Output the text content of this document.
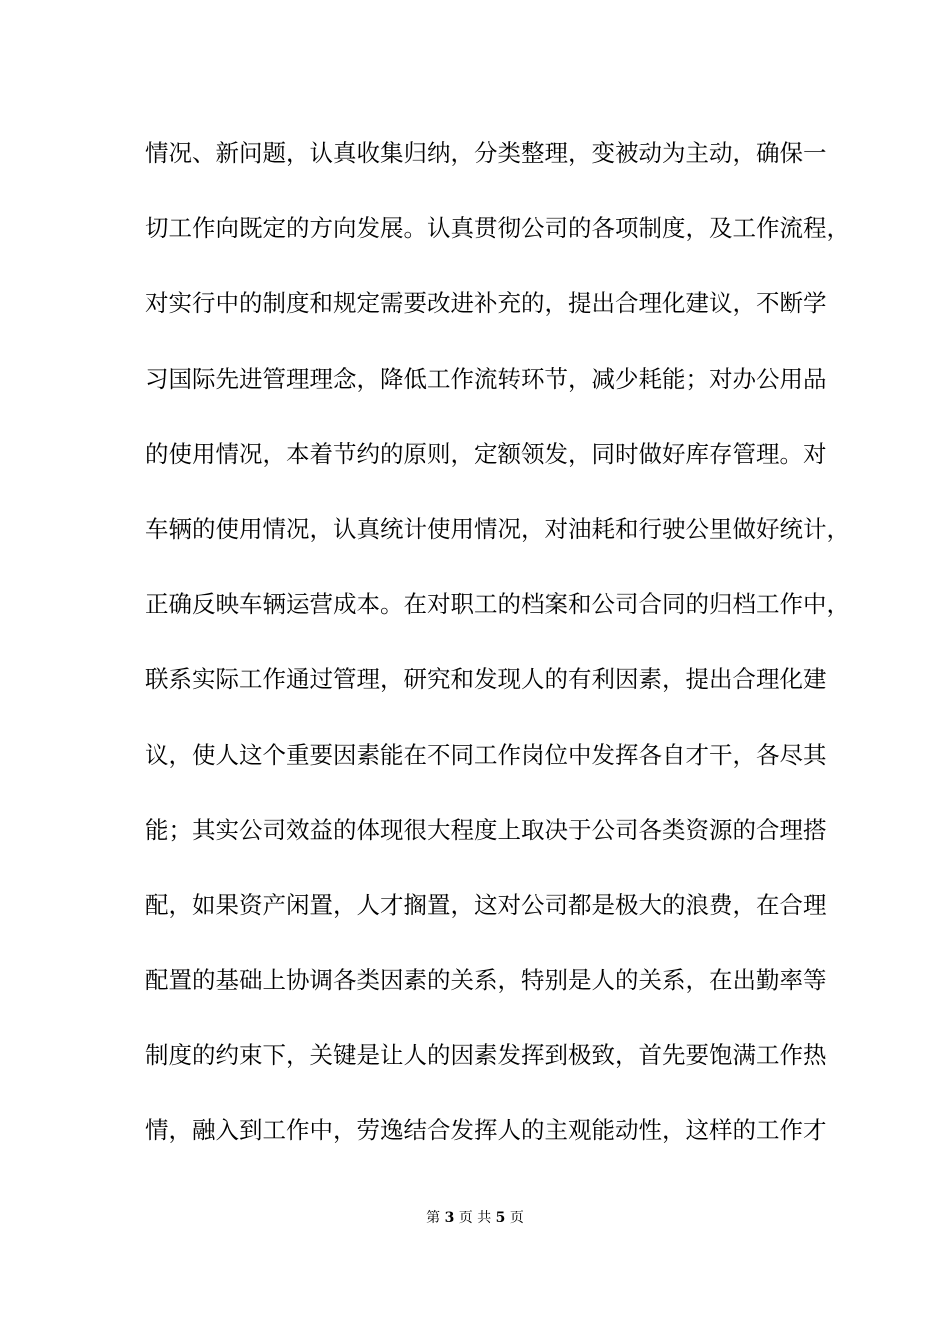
情况、新问题，认真收集归纳，分类整理，变被动为主动，确保一
切工作向既定的方向发展。认真贯彻公司的各项制度，及工作流程，
对实行中的制度和规定需要改进补充的，提出合理化建议，不断学
习国际先进管理理念，降低工作流转环节，减少耗能；对办公用品
的使用情况，本着节约的原则，定额领发，同时做好库存管理。对
车辆的使用情况，认真统计使用情况，对油耗和行驶公里做好统计，
正确反映车辆运营成本。在对职工的档案和公司合同的归档工作中，
联系实际工作通过管理，研究和发现人的有利因素，提出合理化建
议，使人这个重要因素能在不同工作岗位中发挥各自才干，各尽其
能；其实公司效益的体现很大程度上取决于公司各类资源的合理搭
配，如果资产闲置，人才搁置，这对公司都是极大的浪费，在合理
配置的基础上协调各类因素的关系，特别是人的关系，在出勤率等
制度的约束下，关键是让人的因素发挥到极致，首先要饱满工作热
情，融入到工作中，劳逸结合发挥人的主观能动性，这样的工作才
第 3 页 共 5 页
